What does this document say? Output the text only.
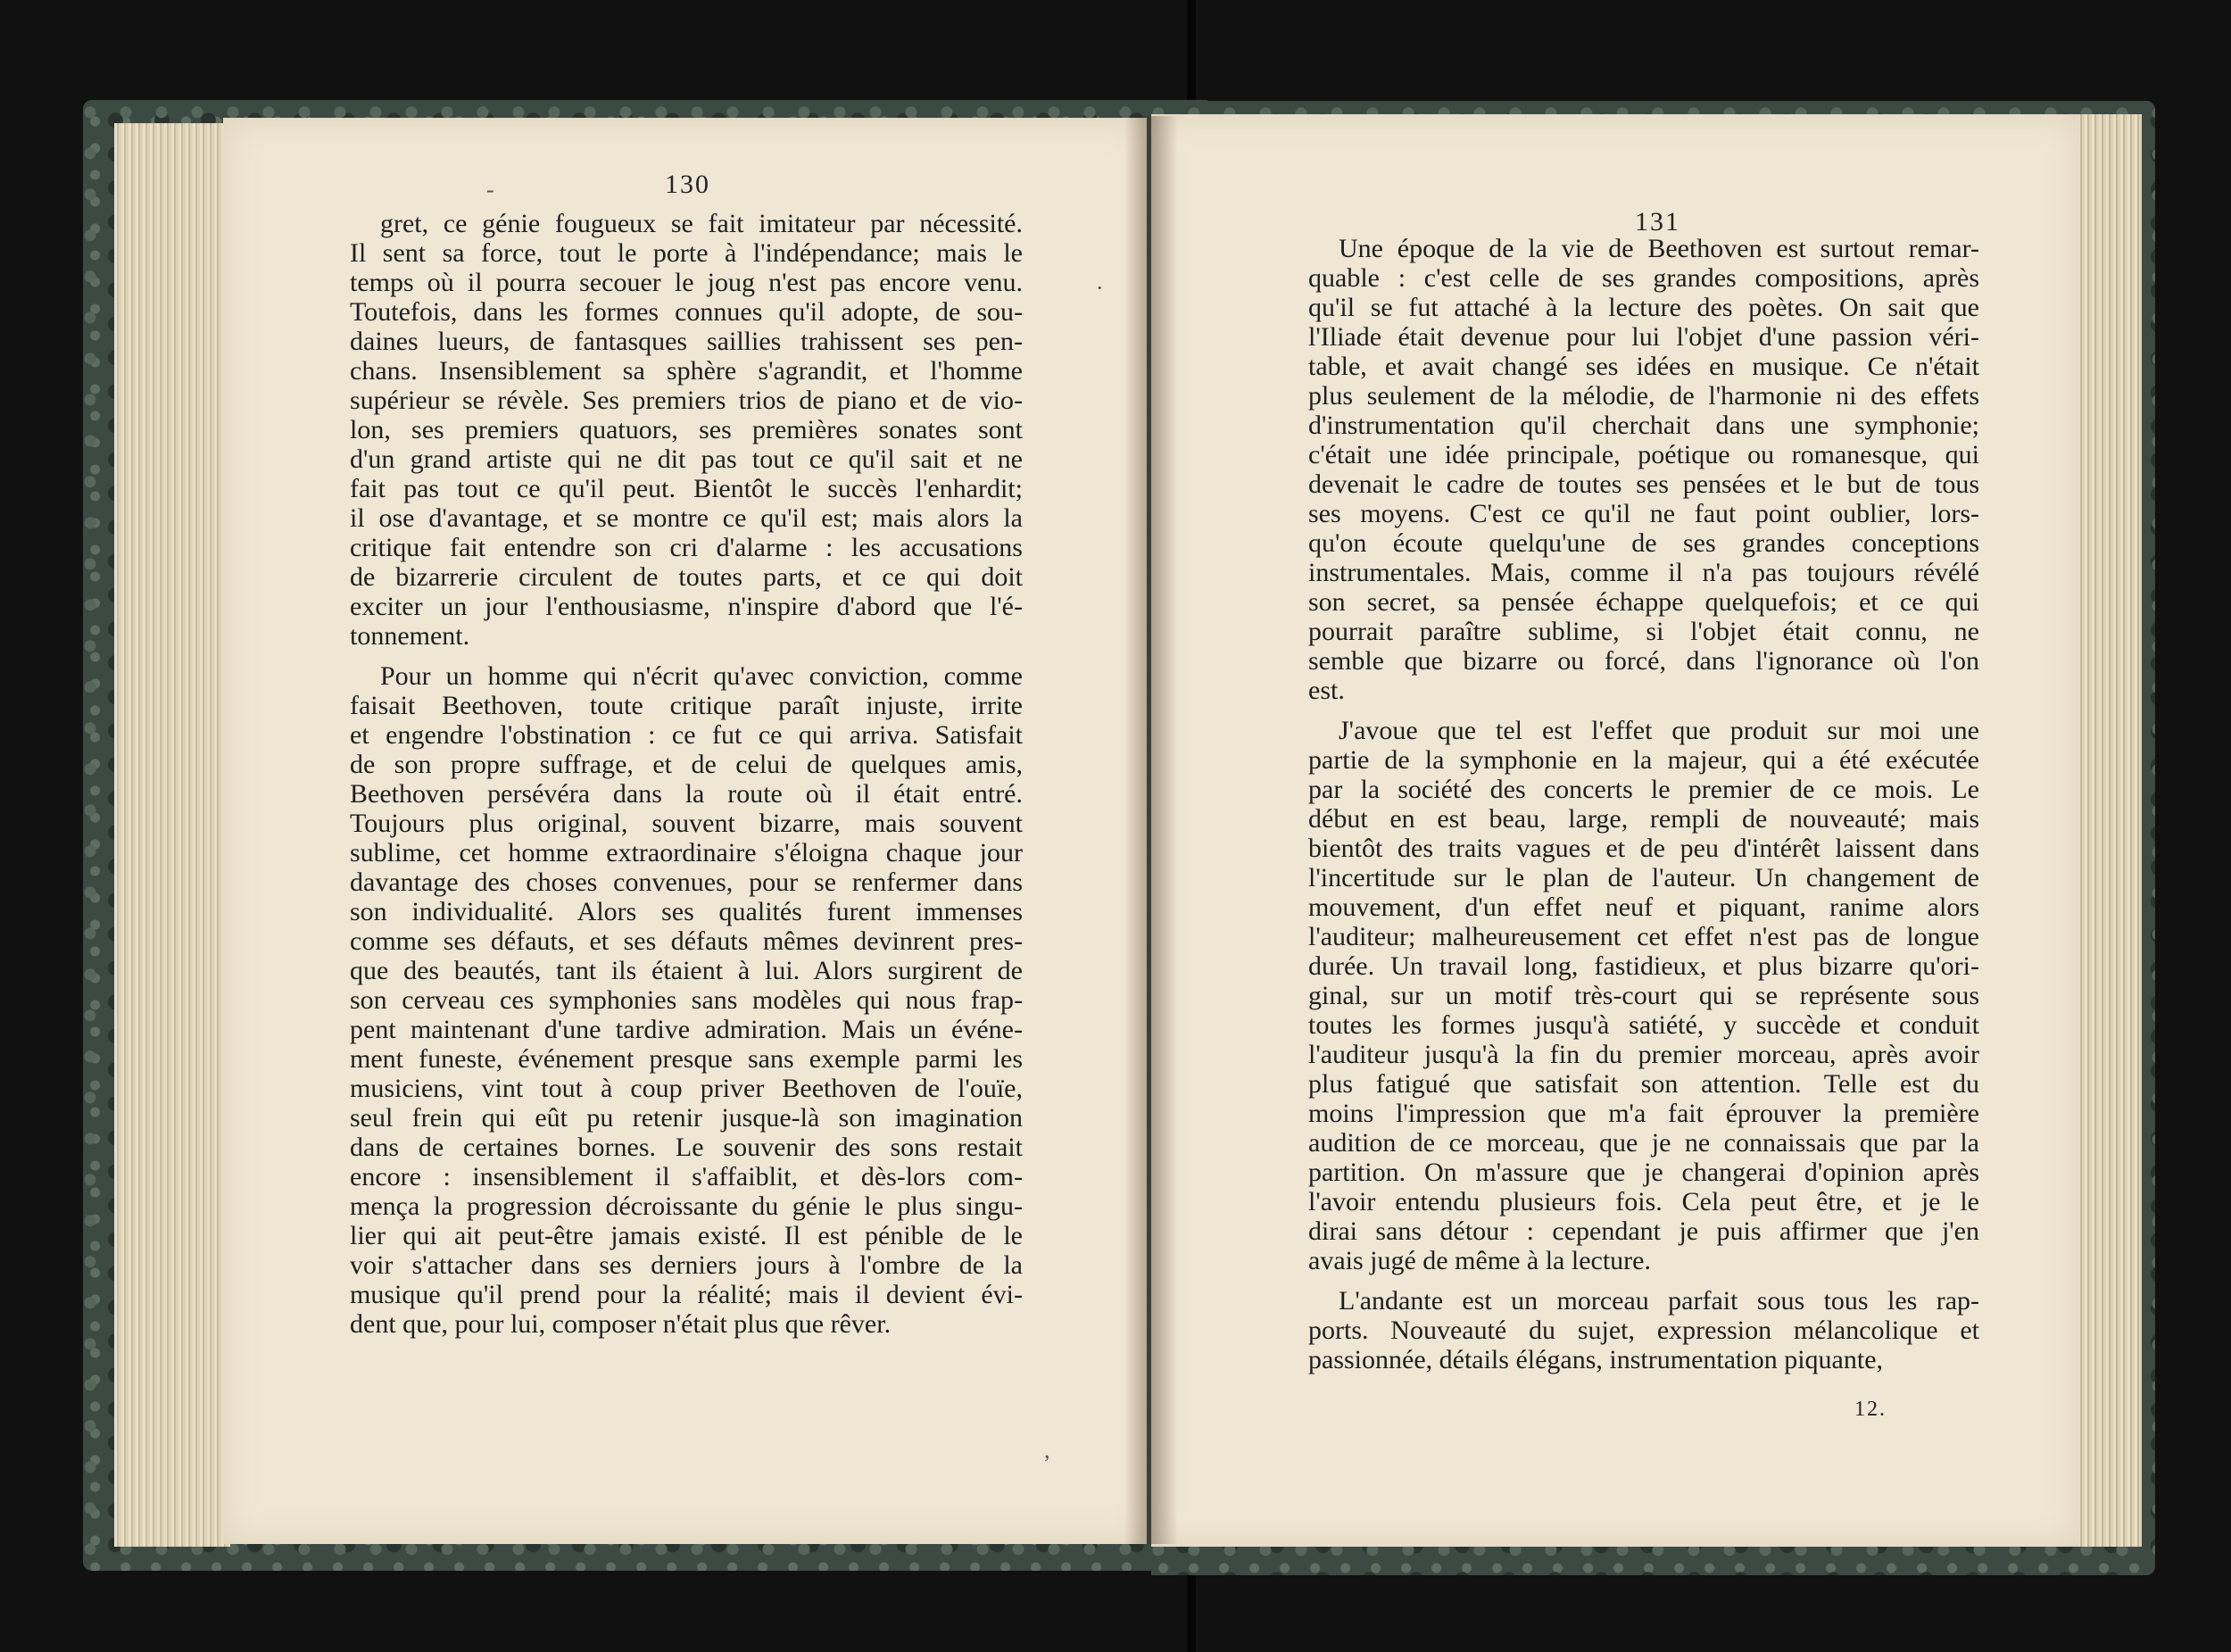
130
131
gret, ce génie fougueux se fait imitateur par nécessité.
Il sent sa force, tout le porte à l'indépendance; mais le
temps où il pourra secouer le joug n'est pas encore venu.
Toutefois, dans les formes connues qu'il adopte, de sou-
daines lueurs, de fantasques saillies trahissent ses pen-
chans. Insensiblement sa sphère s'agrandit, et l'homme
supérieur se révèle. Ses premiers trios de piano et de vio-
lon, ses premiers quatuors, ses premières sonates sont
d'un grand artiste qui ne dit pas tout ce qu'il sait et ne
fait pas tout ce qu'il peut. Bientôt le succès l'enhardit;
il ose d'avantage, et se montre ce qu'il est; mais alors la
critique fait entendre son cri d'alarme : les accusations
de bizarrerie circulent de toutes parts, et ce qui doit
exciter un jour l'enthousiasme, n'inspire d'abord que l'é-
tonnement.
Pour un homme qui n'écrit qu'avec conviction, comme
faisait Beethoven, toute critique paraît injuste, irrite
et engendre l'obstination : ce fut ce qui arriva. Satisfait
de son propre suffrage, et de celui de quelques amis,
Beethoven persévéra dans la route où il était entré.
Toujours plus original, souvent bizarre, mais souvent
sublime, cet homme extraordinaire s'éloigna chaque jour
davantage des choses convenues, pour se renfermer dans
son individualité. Alors ses qualités furent immenses
comme ses défauts, et ses défauts mêmes devinrent pres-
que des beautés, tant ils étaient à lui. Alors surgirent de
son cerveau ces symphonies sans modèles qui nous frap-
pent maintenant d'une tardive admiration. Mais un événe-
ment funeste, événement presque sans exemple parmi les
musiciens, vint tout à coup priver Beethoven de l'ouïe,
seul frein qui eût pu retenir jusque-là son imagination
dans de certaines bornes. Le souvenir des sons restait
encore : insensiblement il s'affaiblit, et dès-lors com-
mença la progression décroissante du génie le plus singu-
lier qui ait peut-être jamais existé. Il est pénible de le
voir s'attacher dans ses derniers jours à l'ombre de la
musique qu'il prend pour la réalité; mais il devient évi-
dent que, pour lui, composer n'était plus que rêver.
Une époque de la vie de Beethoven est surtout remar-
quable : c'est celle de ses grandes compositions, après
qu'il se fut attaché à la lecture des poètes. On sait que
l'Iliade était devenue pour lui l'objet d'une passion véri-
table, et avait changé ses idées en musique. Ce n'était
plus seulement de la mélodie, de l'harmonie ni des effets
d'instrumentation qu'il cherchait dans une symphonie;
c'était une idée principale, poétique ou romanesque, qui
devenait le cadre de toutes ses pensées et le but de tous
ses moyens. C'est ce qu'il ne faut point oublier, lors-
qu'on écoute quelqu'une de ses grandes conceptions
instrumentales. Mais, comme il n'a pas toujours révélé
son secret, sa pensée échappe quelquefois; et ce qui
pourrait paraître sublime, si l'objet était connu, ne
semble que bizarre ou forcé, dans l'ignorance où l'on
est.
J'avoue que tel est l'effet que produit sur moi une
partie de la symphonie en la majeur, qui a été exécutée
par la société des concerts le premier de ce mois. Le
début en est beau, large, rempli de nouveauté; mais
bientôt des traits vagues et de peu d'intérêt laissent dans
l'incertitude sur le plan de l'auteur. Un changement de
mouvement, d'un effet neuf et piquant, ranime alors
l'auditeur; malheureusement cet effet n'est pas de longue
durée. Un travail long, fastidieux, et plus bizarre qu'ori-
ginal, sur un motif très-court qui se représente sous
toutes les formes jusqu'à satiété, y succède et conduit
l'auditeur jusqu'à la fin du premier morceau, après avoir
plus fatigué que satisfait son attention. Telle est du
moins l'impression que m'a fait éprouver la première
audition de ce morceau, que je ne connaissais que par la
partition. On m'assure que je changerai d'opinion après
l'avoir entendu plusieurs fois. Cela peut être, et je le
dirai sans détour : cependant je puis affirmer que j'en
avais jugé de même à la lecture.
L'andante est un morceau parfait sous tous les rap-
ports. Nouveauté du sujet, expression mélancolique et
passionnée, détails élégans, instrumentation piquante,
12.
-
·
,
